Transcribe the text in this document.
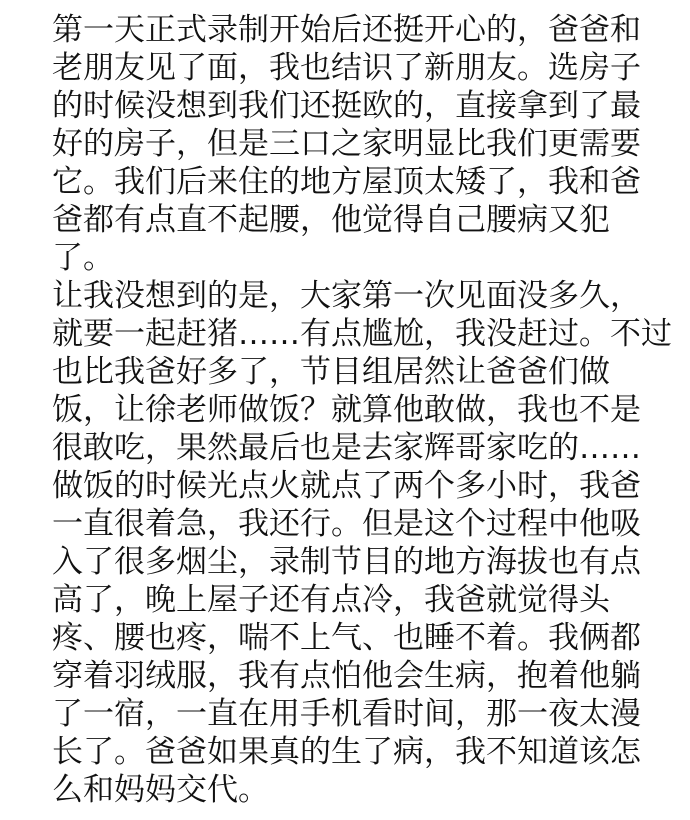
第一天正式录制开始后还挺开心的，爸爸和

老朋友见了面，我也结识了新朋友。选房子

的时候没想到我们还挺欧的，直接拿到了最

好的房子，但是三口之家明显比我们更需要

它。我们后来住的地方屋顶太矮了，我和爸

爸都有点直不起腰，他觉得自己腰病又犯

了。

让我没想到的是，大家第一次见面没多久，

就要一起赶猪……有点尴尬，我没赶过。不过

也比我爸好多了，节目组居然让爸爸们做

饭，让徐老师做饭？就算他敢做，我也不是

很敢吃，果然最后也是去家辉哥家吃的……

做饭的时候光点火就点了两个多小时，我爸

一直很着急，我还行。但是这个过程中他吸

入了很多烟尘，录制节目的地方海拔也有点

高了，晚上屋子还有点冷，我爸就觉得头

疼、腰也疼，喘不上气、也睡不着。我俩都

穿着羽绒服，我有点怕他会生病，抱着他躺

了一宿，一直在用手机看时间，那一夜太漫

长了。爸爸如果真的生了病，我不知道该怎

么和妈妈交代。
